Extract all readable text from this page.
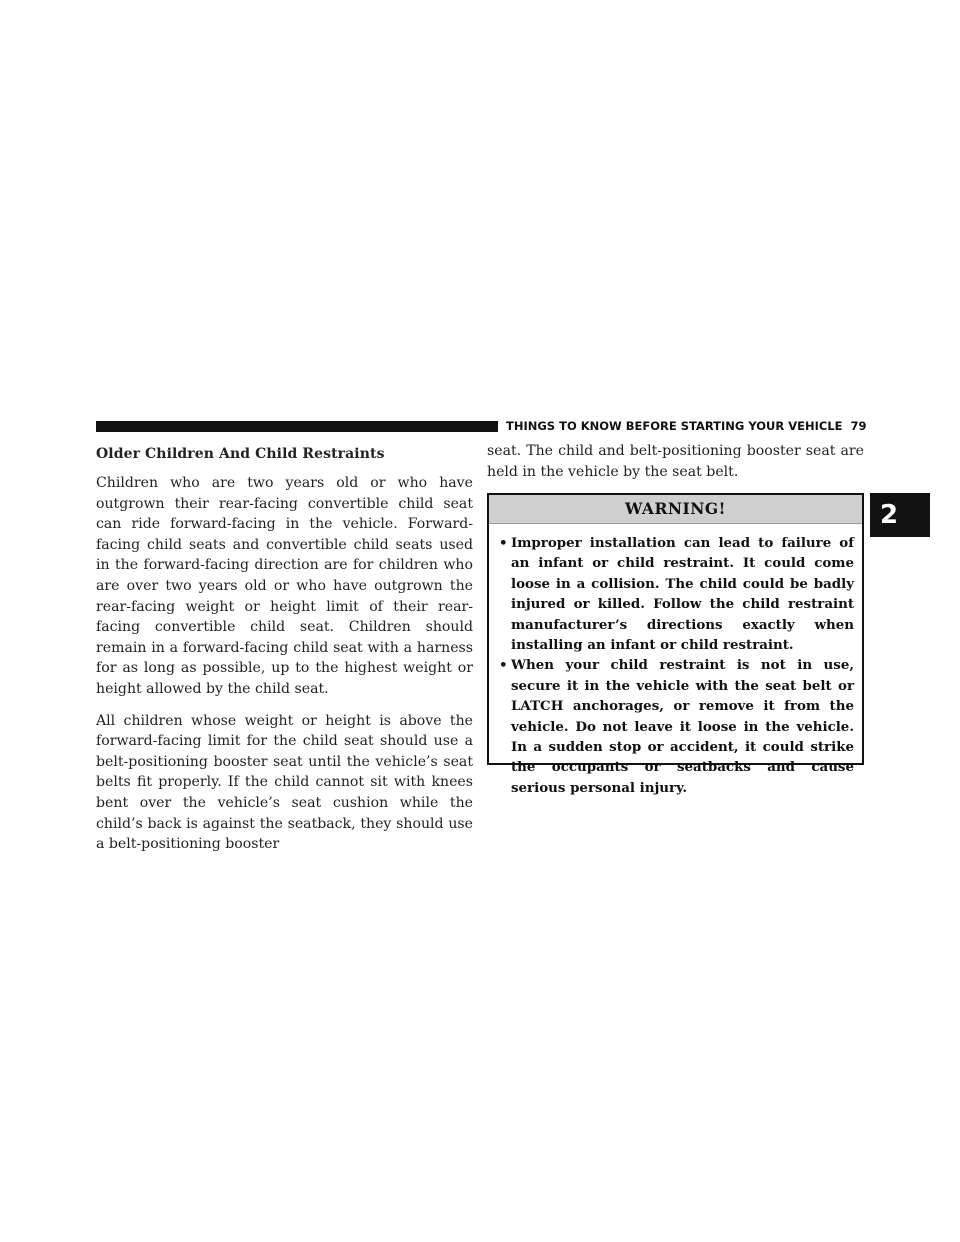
THINGS TO KNOW BEFORE STARTING YOUR VEHICLE 79
2
Older Children And Child Restraints

Children who are two years old or who have outgrown their rear-facing convertible child seat can ride forward-facing in the vehicle. Forward-facing child seats and convertible child seats used in the forward-facing direction are for children who are over two years old or who have outgrown the rear-facing weight or height limit of their rear-facing convertible child seat. Children should remain in a forward-facing child seat with a harness for as long as possible, up to the highest weight or height allowed by the child seat.

All children whose weight or height is above the forward-facing limit for the child seat should use a belt-positioning booster seat until the vehicle’s seat belts fit properly. If the child cannot sit with knees bent over the vehicle’s seat cushion while the child’s back is against the seatback, they should use a belt-positioning booster

seat. The child and belt-positioning booster seat are held in the vehicle by the seat belt.

WARNING!
• Improper installation can lead to failure of an infant or child restraint. It could come loose in a collision. The child could be badly injured or killed. Follow the child restraint manufacturer’s directions exactly when installing an infant or child restraint.
• When your child restraint is not in use, secure it in the vehicle with the seat belt or LATCH anchorages, or remove it from the vehicle. Do not leave it loose in the vehicle. In a sudden stop or accident, it could strike the occupants or seatbacks and cause serious personal injury.
